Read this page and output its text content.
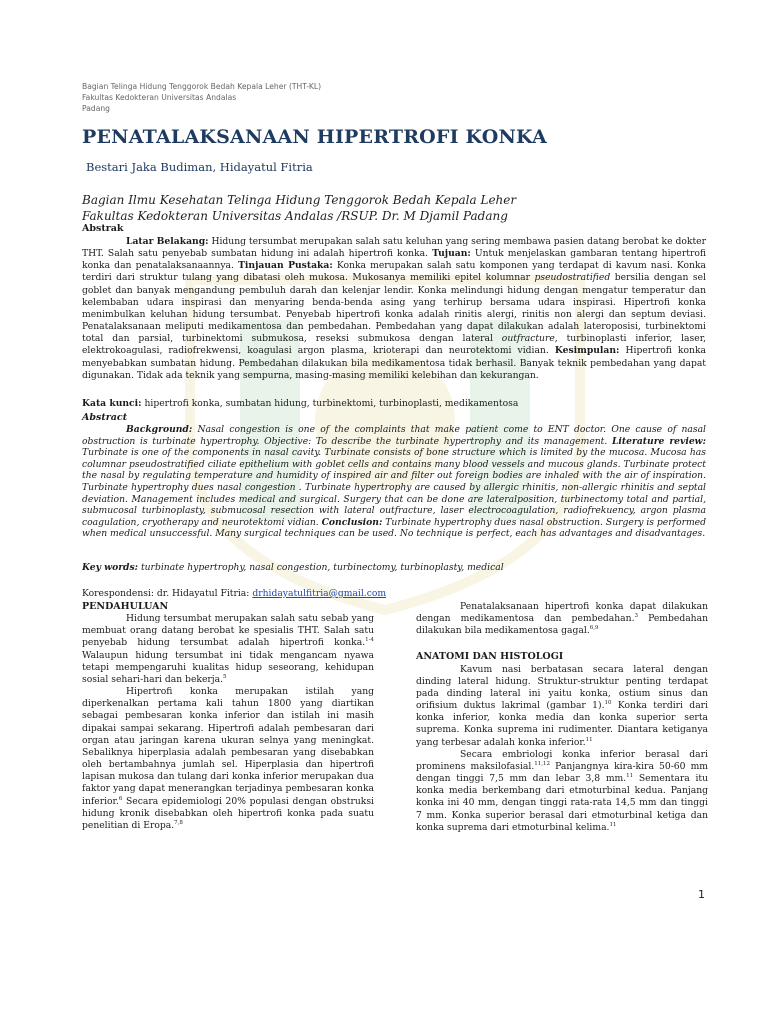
Bagian Telinga Hidung Tenggorok Bedah Kepala Leher (THT-KL)
Fakultas Kedokteran Universitas Andalas
Padang
PENATALAKSANAAN HIPERTROFI KONKA
Bestari Jaka Budiman, Hidayatul Fitria
Bagian Ilmu Kesehatan Telinga Hidung Tenggorok Bedah Kepala Leher
Fakultas Kedokteran Universitas Andalas /RSUP. Dr. M Djamil Padang
Abstrak

Latar Belakang: Hidung tersumbat merupakan salah satu keluhan yang sering membawa pasien datang berobat ke dokter THT. Salah satu penyebab sumbatan hidung ini adalah hipertrofi konka. Tujuan: Untuk menjelaskan gambaran tentang hipertrofi konka dan penatalaksanaannya. Tinjauan Pustaka: Konka merupakan salah satu komponen yang terdapat di kavum nasi. Konka terdiri dari struktur tulang yang dibatasi oleh mukosa. Mukosanya memiliki epitel kolumnar pseudostratified bersilia dengan sel goblet dan banyak mengandung pembuluh darah dan kelenjar lendir. Konka melindungi hidung dengan mengatur temperatur dan kelembaban udara inspirasi dan menyaring benda-benda asing yang terhirup bersama udara inspirasi. Hipertrofi konka menimbulkan keluhan hidung tersumbat. Penyebab hipertrofi konka adalah rinitis alergi, rinitis non alergi dan septum deviasi. Penatalaksanaan meliputi medikamentosa dan pembedahan. Pembedahan yang dapat dilakukan adalah lateroposisi, turbinektomi total dan parsial, turbinektomi submukosa, reseksi submukosa dengan lateral outfracture, turbinoplasti inferior, laser, elektrokoagulasi, radiofrekwensi, koagulasi argon plasma, krioterapi dan neurotektomi vidian. Kesimpulan: Hipertrofi konka menyebabkan sumbatan hidung. Pembedahan dilakukan bila medikamentosa tidak berhasil. Banyak teknik pembedahan yang dapat digunakan. Tidak ada teknik yang sempurna, masing-masing memiliki kelebihan dan kekurangan.

Kata kunci: hipertrofi konka, sumbatan hidung, turbinektomi, turbinoplasti, medikamentosa
Abstract

Background: Nasal congestion is one of the complaints that make patient come to ENT doctor. One cause of nasal obstruction is turbinate hypertrophy. Objective: To describe the turbinate hypertrophy and its management. Literature review: Turbinate is one of the components in nasal cavity. Turbinate consists of bone structure which is limited by the mucosa. Mucosa has columnar pseudostratified ciliate epithelium with goblet cells and contains many blood vessels and mucous glands. Turbinate protect the nasal by regulating temperature and humidity of inspired air and filter out foreign bodies are inhaled with the air of inspiration. Turbinate hypertrophy dues nasal congestion . Turbinate hypertrophy are caused by allergic rhinitis, non-allergic rhinitis and septal deviation. Management includes medical and surgical. Surgery that can be done are lateralposition, turbinectomy total and partial, submucosal turbinoplasty, submucosal resection with lateral outfracture, laser electrocoagulation, radiofrekuency, argon plasma coagulation, cryotherapy and neurotektomi vidian. Conclusion: Turbinate hypertrophy dues nasal obstruction. Surgery is performed when medical unsuccessful. Many surgical techniques can be used. No technique is perfect, each has advantages and disadvantages.

Key words: turbinate hypertrophy, nasal congestion, turbinectomy, turbinoplasty, medical
Korespondensi: dr. Hidayatul Fitria: drhidayatulfitria@gmail.com
PENDAHULUAN

Hidung tersumbat merupakan salah satu sebab yang membuat orang datang berobat ke spesialis THT. Salah satu penyebab hidung tersumbat adalah hipertrofi konka.$^{1-4}$ Walaupun hidung tersumbat ini tidak mengancam nyawa tetapi mempengaruhi kualitas hidup seseorang, kehidupan sosial sehari-hari dan bekerja.$^5$

Hipertrofi konka merupakan istilah yang diperkenalkan pertama kali tahun 1800 yang diartikan sebagai pembesaran konka inferior dan istilah ini masih dipakai sampai sekarang. Hipertrofi adalah pembesaran dari organ atau jaringan karena ukuran selnya yang meningkat. Sebaliknya hiperplasia adalah pembesaran yang disebabkan oleh bertambahnya jumlah sel. Hiperplasia dan hipertrofi lapisan mukosa dan tulang dari konka inferior merupakan dua faktor yang dapat menerangkan terjadinya pembesaran konka inferior.$^6$ Secara epidemiologi 20% populasi dengan obstruksi hidung kronik disebabkan oleh hipertrofi konka pada suatu penelitian di Eropa.$^{7,8}$

Penatalaksanaan hipertrofi konka dapat dilakukan dengan medikamentosa dan pembedahan.$^3$ Pembedahan dilakukan bila medikamentosa gagal.$^{6,9}$

ANATOMI DAN HISTOLOGI

Kavum nasi berbatasan secara lateral dengan dinding lateral hidung. Struktur-struktur penting terdapat pada dinding lateral ini yaitu konka, ostium sinus dan orifisium duktus lakrimal (gambar 1).$^{10}$ Konka terdiri dari konka inferior, konka media dan konka superior serta suprema. Konka suprema ini rudimenter. Diantara ketiganya yang terbesar adalah konka inferior.$^{11}$

Secara embriologi konka inferior berasal dari prominens maksilofasial.$^{11,12}$ Panjangnya kira-kira 50-60 mm dengan tinggi 7,5 mm dan lebar 3,8 mm.$^{11}$ Sementara itu konka media berkembang dari etmoturbinal kedua. Panjang konka ini 40 mm, dengan tinggi rata-rata 14,5 mm dan tinggi 7 mm. Konka superior berasal dari etmoturbinal ketiga dan konka suprema dari etmoturbinal kelima.$^{11}$

1
